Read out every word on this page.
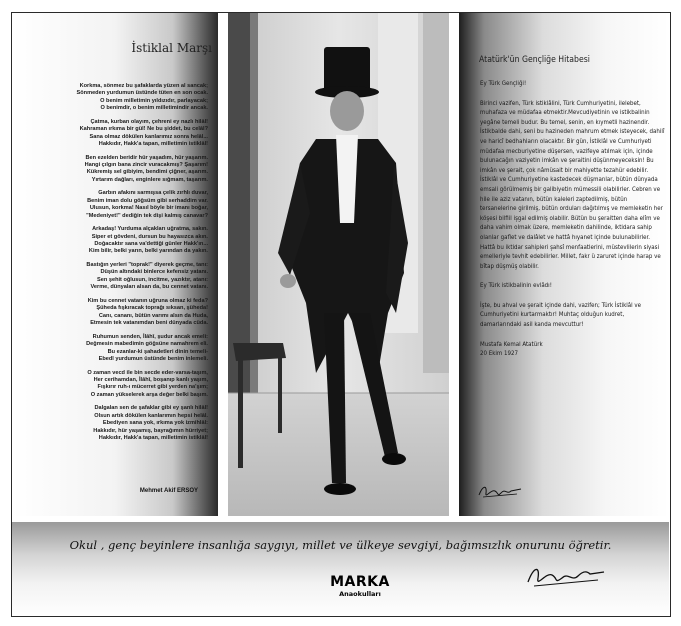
İstiklal Marşı
Korkma, sönmez bu şafaklarda yüzen al sancak;
Sönmeden yurdumun üstünde tüten en son ocak.
O benim milletimin yıldızıdır, parlayacak;
O benimdir, o benim milletimindir ancak.
Çatma, kurban olayım, çehreni ey nazlı hilâl!
Kahraman ırkıma bir gül! Ne bu şiddet, bu celâl?
Sana olmaz dökülen kanlarımız sonra helâl...
Hakkıdır, Hakk'a tapan, milletimin istiklâl!
Ben ezelden beridir hür yaşadım, hür yaşarım.
Hangi çılgın bana zincir vuracakmış? Şaşarım!
Kükremiş sel gibiyim, bendimi çiğner, aşarım.
Yırtarım dağları, enginlere sığmam, taşarım.
Garbın afakını sarmışsa çelik zırhlı duvar,
Benim iman dolu göğsüm gibi serhaddim var.
Ulusun, korkma! Nasıl böyle bir imanı boğar,
"Medeniyet!" dediğin tek dişi kalmış canavar?
Arkadaş! Yurduma alçakları uğratma, sakın.
Siper et gövdeni, dursun bu hayasızca akın.
Doğacaktır sana va'dettiği günler Hakk'ın...
Kim bilir, belki yarın, belki yarından da yakın.
Bastığın yerleri "toprak!" diyerek geçme, tanı:
Düşün altındaki binlerce kefensiz yatanı.
Sen şehit oğlusun, incitme, yazıktır, atanı:
Verme, dünyaları alsan da, bu cennet vatanı.
Kim bu cennet vatanın uğruna olmaz ki feda?
Şüheda fışkıracak toprağı sıksan, şüheda!
Canı, cananı, bütün varımı alsın da Huda,
Etmesin tek vatanımdan beni dünyada cüda.
Ruhumun senden, İlâhî, şudur ancak emeli:
Değmesin mabedimin göğsüne namahrem eli.
Bu ezanlar-ki şahadetleri dinin temeli-
Ebedî yurdumun üstünde benim inlemeli.
O zaman vecd ile bin secde eder-varsa-taşım,
Her cerihamdan, İlâhî, boşanıp kanlı yaşım,
Fışkırır ruh-ı mücerret gibi yerden na'şım;
O zaman yükselerek arşa değer belki başım.
Dalgalan sen de şafaklar gibi ey şanlı hilâl!
Olsun artık dökülen kanlarımın hepsi helâl.
Ebediyen sana yok, ırkıma yok izmihlâl:
Hakkıdır, hür yaşamış, bayrağımın hürriyet;
Hakkıdır, Hakk'a tapan, milletimin istiklâl!
Mehmet Akif ERSOY
Atatürk'ün Gençliğe Hitabesi

Ey Türk Gençliği!

Birinci vazifen, Türk istiklâlini, Türk Cumhuriyetini, ilelebet, muhafaza ve müdafaa etmektir.Mevcudiyetinin ve istikbalinin yegâne temeli budur. Bu temel, senin, en kıymetli hazinendir. İstikbalde dahi, seni bu hazineden mahrum etmek isteyecek, dahilî ve haricî bedhahların olacaktır. Bir gün, İstiklâl ve Cumhuriyeti müdafaa mecburiyetine düşersen, vazifeye atılmak için, içinde bulunacağın vaziyetin imkân ve şeraitini düşünmeyeceksin! Bu imkân ve şerait, çok nâmüsait bir mahiyette tezahür edebilir. İstiklâl ve Cumhuriyetine kastedecek düşmanlar, bütün dünyada emsali görülmemiş bir galibiyetin mümessili olabilirler. Cebren ve hile ile aziz vatanın, bütün kaleleri zaptedilmiş, bütün tersanelerine girilmiş, bütün orduları dağıtılmış ve memleketin her köşesi bilfiil işgal edilmiş olabilir. Bütün bu şeraitten daha elîm ve daha vahim olmak üzere, memleketin dahilinde, iktidara sahip olanlar gaflet ve dalâlet ve hattâ hıyanet içinde bulunabilirler. Hattâ bu iktidar sahipleri şahsî menfaatlerini, müstevlilerin siyasi emelleriyle tevhit edebilirler. Millet, fakr ü zaruret içinde harap ve bîtap düşmüş olabilir.

Ey Türk istikbalinin evlâdı!

İşte, bu ahval ve şerait içinde dahi, vazifen; Türk İstiklâl ve Cumhuriyetini kurtarmaktır! Muhtaç olduğun kudret, damarlarındaki asil kanda mevcuttur!

Mustafa Kemal Atatürk
20 Ekim 1927
Okul , genç beyinlere insanlığa saygıyı, millet ve ülkeye sevgiyi, bağımsızlık onurunu öğretir.
MARKA
Anaokulları
